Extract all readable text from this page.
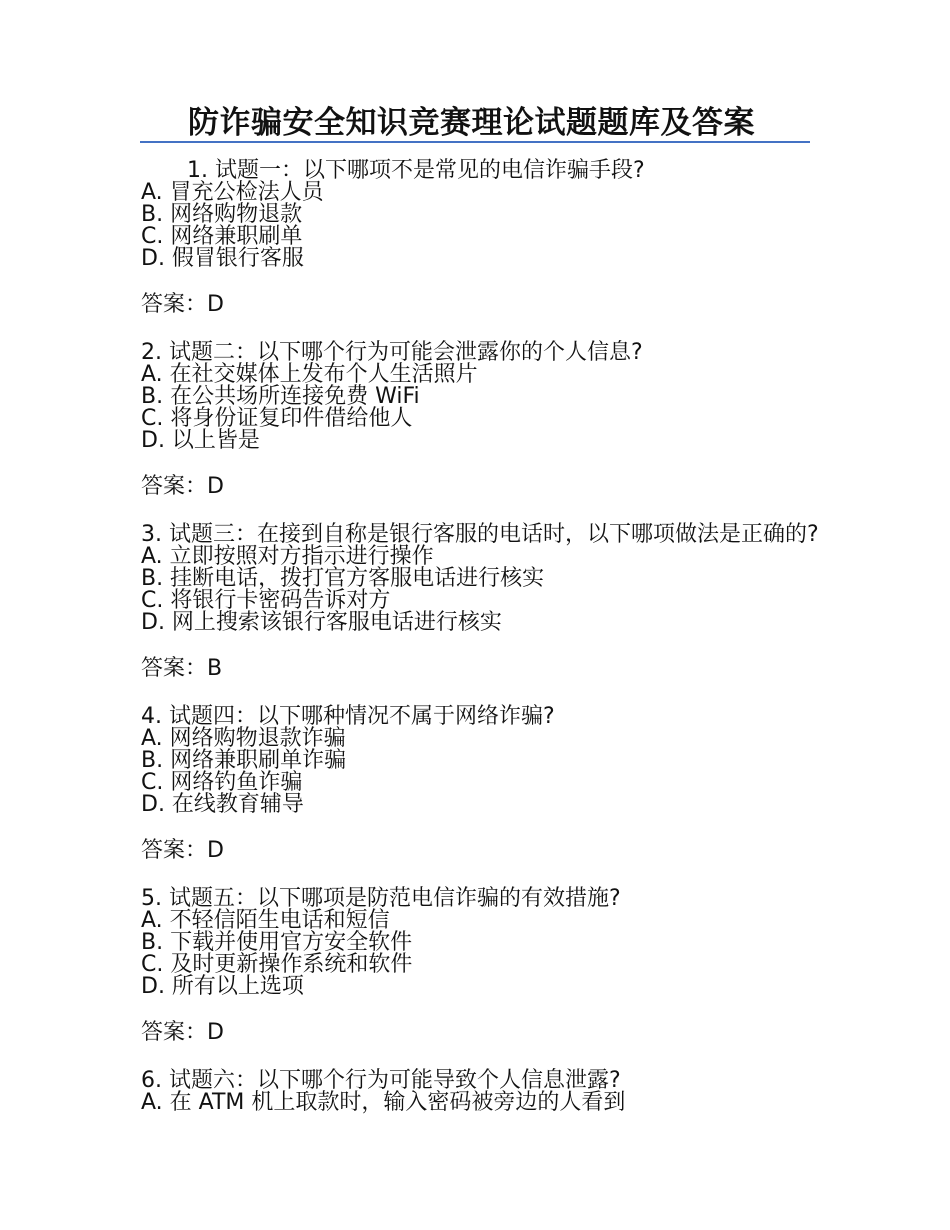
防诈骗安全知识竞赛理论试题题库及答案
1. 试题一：以下哪项不是常见的电信诈骗手段?
A. 冒充公检法人员
B. 网络购物退款
C. 网络兼职刷单
D. 假冒银行客服
答案：D
2. 试题二：以下哪个行为可能会泄露你的个人信息?
A. 在社交媒体上发布个人生活照片
B. 在公共场所连接免费 WiFi
C. 将身份证复印件借给他人
D. 以上皆是
答案：D
3. 试题三：在接到自称是银行客服的电话时，以下哪项做法是正确的?
A. 立即按照对方指示进行操作
B. 挂断电话，拨打官方客服电话进行核实
C. 将银行卡密码告诉对方
D. 网上搜索该银行客服电话进行核实
答案：B
4. 试题四：以下哪种情况不属于网络诈骗?
A. 网络购物退款诈骗
B. 网络兼职刷单诈骗
C. 网络钓鱼诈骗
D. 在线教育辅导
答案：D
5. 试题五：以下哪项是防范电信诈骗的有效措施?
A. 不轻信陌生电话和短信
B. 下载并使用官方安全软件
C. 及时更新操作系统和软件
D. 所有以上选项
答案：D
6. 试题六：以下哪个行为可能导致个人信息泄露?
A. 在 ATM 机上取款时，输入密码被旁边的人看到
